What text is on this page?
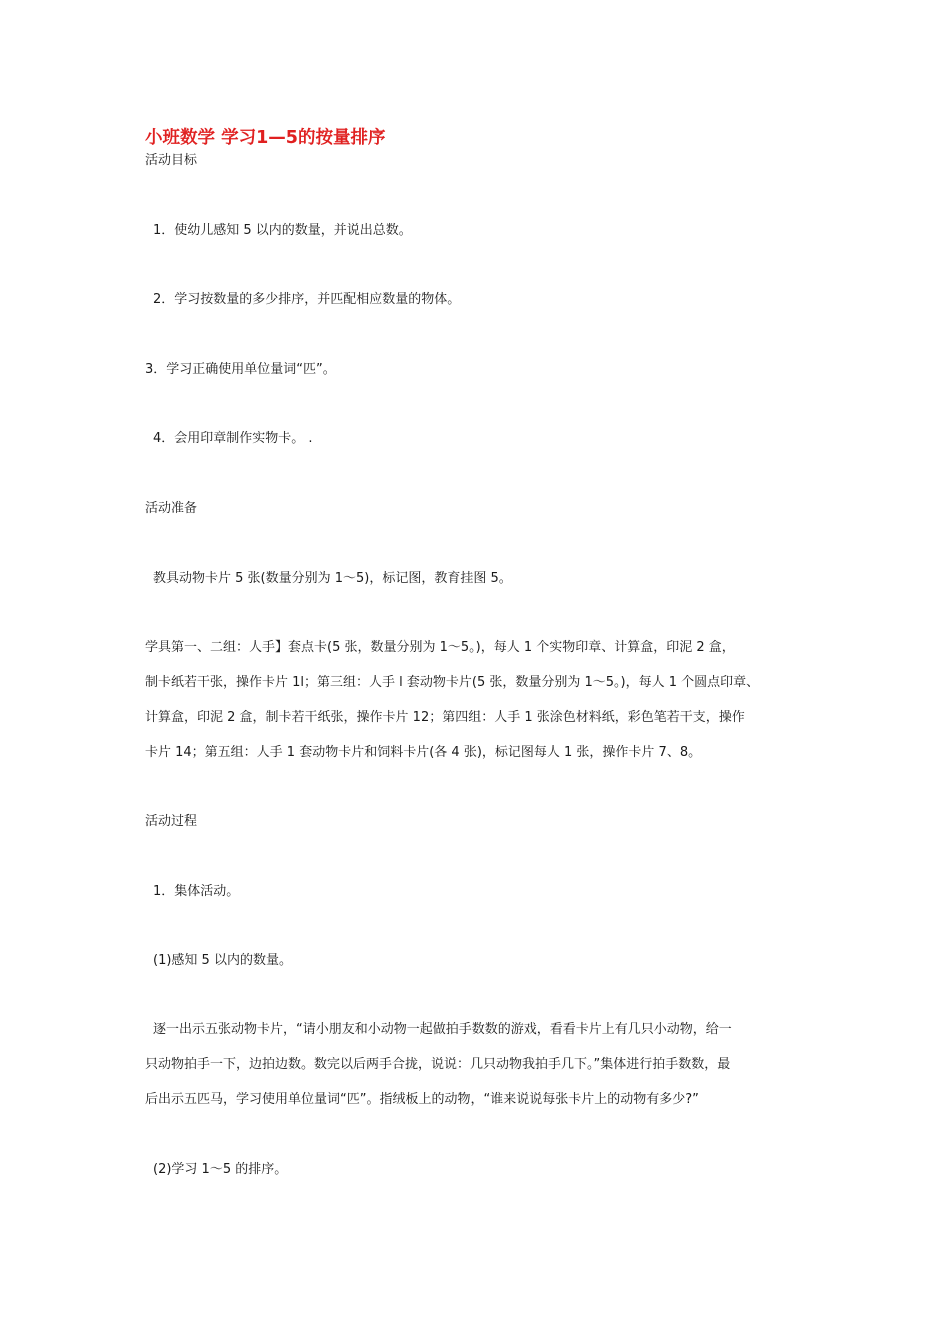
小班数学 学习1—5的按量排序
活动目标
1．使幼儿感知 5 以内的数量，并说出总数。
2．学习按数量的多少排序，并匹配相应数量的物体。
3．学习正确使用单位量词“匹”。
4．会用印章制作实物卡。 .
活动准备
教具动物卡片 5 张(数量分别为 1～5)，标记图，教育挂图 5。
学具第一、二组：人手】套点卡(5 张，数量分别为 1～5。)，每人 1 个实物印章、计算盒，印泥 2 盒，
制卡纸若干张，操作卡片 1l；第三组：人手 l 套动物卡片(5 张，数量分别为 1～5。)，每人 1 个圆点印章、
计算盒，印泥 2 盒，制卡若干纸张，操作卡片 12；第四组：人手 1 张涂色材料纸，彩色笔若干支，操作
卡片 14；第五组：人手 1 套动物卡片和饲料卡片(各 4 张)，标记图每人 1 张，操作卡片 7、8。
活动过程
1．集体活动。
(1)感知 5 以内的数量。
逐一出示五张动物卡片，“请小朋友和小动物一起做拍手数数的游戏，看看卡片上有几只小动物，给一
只动物拍手一下，边拍边数。数完以后两手合拢，说说：几只动物我拍手几下。”集体进行拍手数数，最
后出示五匹马，学习使用单位量词“匹”。指绒板上的动物，“谁来说说每张卡片上的动物有多少?”
(2)学习 1～5 的排序。
